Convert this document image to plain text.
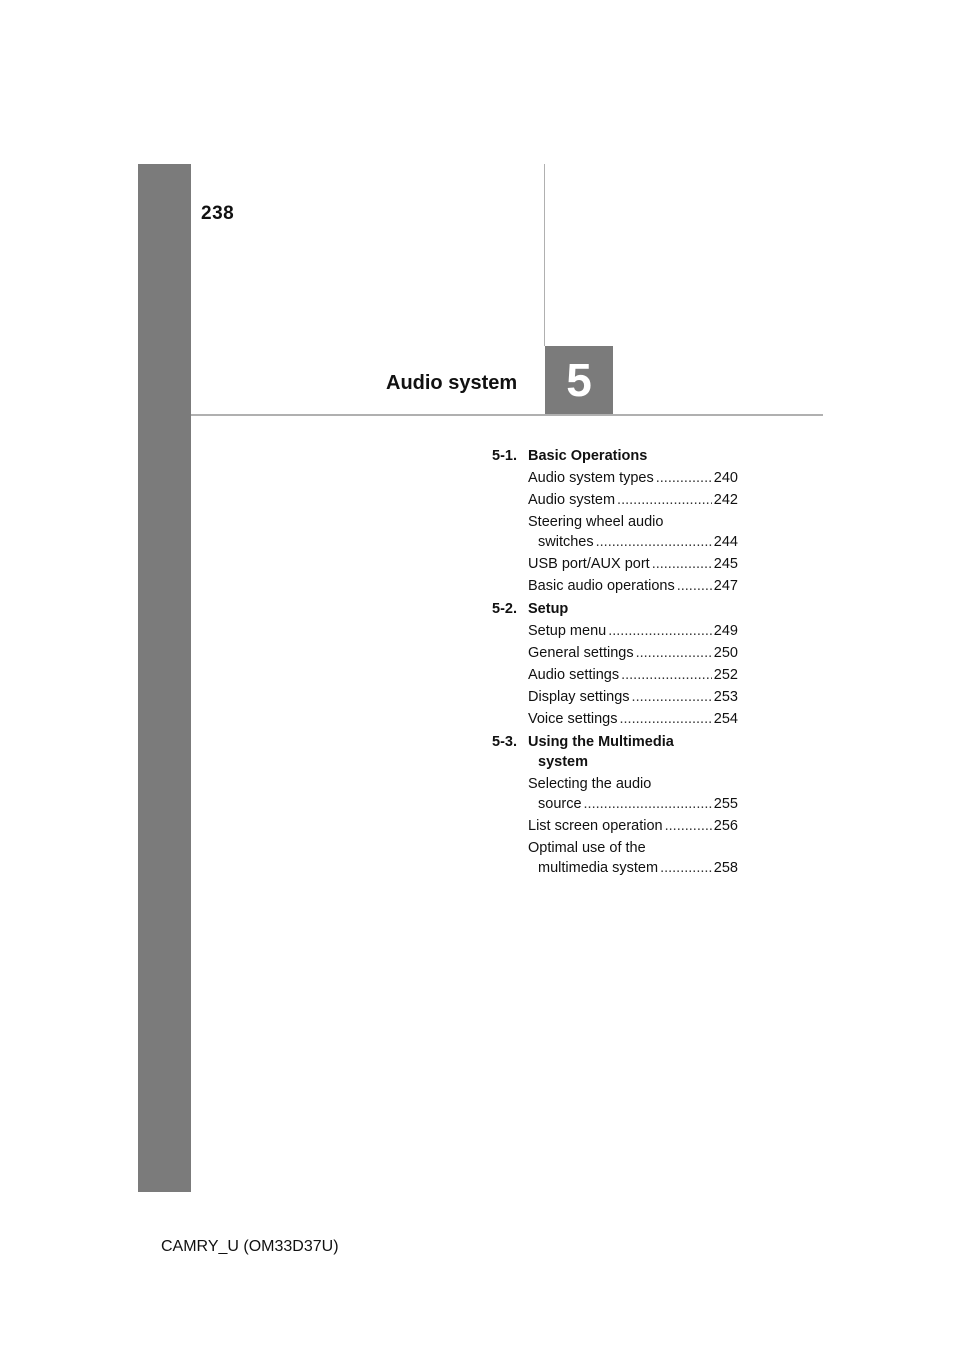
238
Audio system 5
5-1. Basic Operations
Audio system types .....	240
Audio system .....	242
Steering wheel audio
switches .....	244
USB port/AUX port .....	245
Basic audio operations .....	247
5-2. Setup
Setup menu .....	249
General settings .....	250
Audio settings .....	252
Display settings .....	253
Voice settings .....	254
5-3. Using the Multimedia
system
Selecting the audio
source .....	255
List screen operation .....	256
Optimal use of the
multimedia system .....	258
CAMRY_U (OM33D37U)
